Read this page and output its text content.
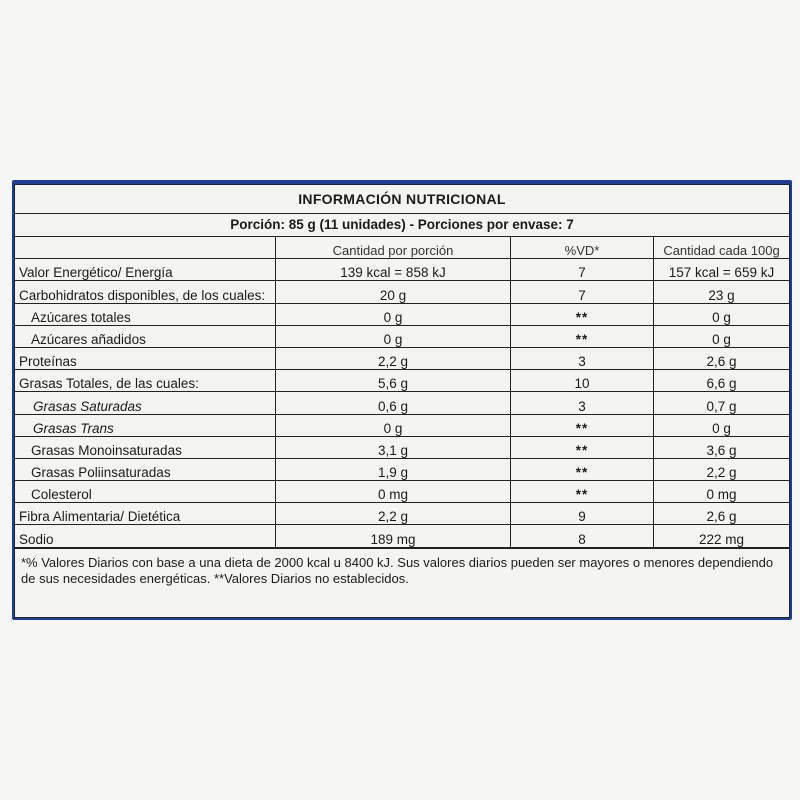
INFORMACIÓN NUTRICIONAL
Porción: 85 g (11 unidades) - Porciones por envase: 7
	Cantidad por porción	%VD*	Cantidad cada 100g
Valor Energético/ Energía	139 kcal = 858 kJ	7	157 kcal = 659 kJ
Carbohidratos disponibles, de los cuales:	20 g	7	23 g
Azúcares totales	0 g	**	0 g
Azúcares añadidos	0 g	**	0 g
Proteínas	2,2 g	3	2,6 g
Grasas Totales, de las cuales:	5,6 g	10	6,6 g
Grasas Saturadas	0,6 g	3	0,7 g
Grasas Trans	0 g	**	0 g
Grasas Monoinsaturadas	3,1 g	**	3,6 g
Grasas Poliinsaturadas	1,9 g	**	2,2 g
Colesterol	0 mg	**	0 mg
Fibra Alimentaria/ Dietética	2,2 g	9	2,6 g
Sodio	189 mg	8	222 mg
*% Valores Diarios con base a una dieta de 2000 kcal u 8400 kJ. Sus valores diarios pueden ser mayores o menores dependiendo de sus necesidades energéticas. **Valores Diarios no establecidos.
